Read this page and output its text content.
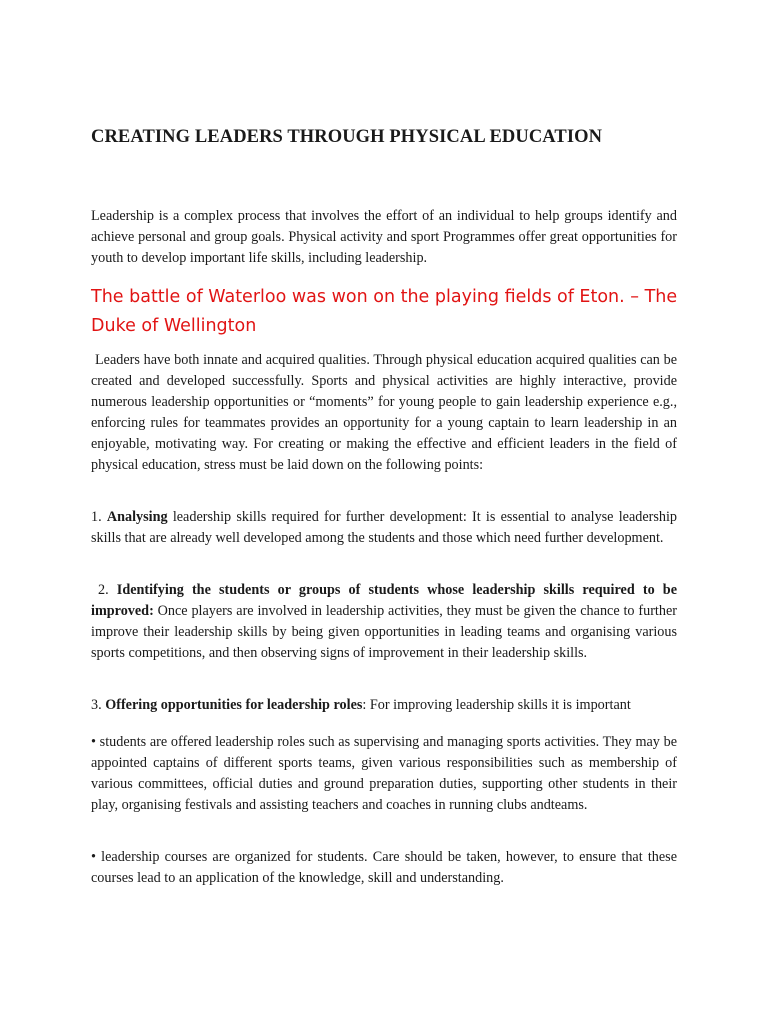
CREATING LEADERS THROUGH PHYSICAL EDUCATION

Leadership is a complex process that involves the effort of an individual to help groups identify and achieve personal and group goals. Physical activity and sport Programmes offer great opportunities for youth to develop important life skills, including leadership.

The battle of Waterloo was won on the playing fields of Eton. – The Duke of Wellington

Leaders have both innate and acquired qualities. Through physical education acquired qualities can be created and developed successfully. Sports and physical activities are highly interactive, provide numerous leadership opportunities or “moments” for young people to gain leadership experience e.g., enforcing rules for teammates provides an opportunity for a young captain to learn leadership in an enjoyable, motivating way. For creating or making the effective and efficient leaders in the field of physical education, stress must be laid down on the following points:

1. Analysing leadership skills required for further development: It is essential to analyse leadership skills that are already well developed among the students and those which need further development.

2. Identifying the students or groups of students whose leadership skills required to be improved: Once players are involved in leadership activities, they must be given the chance to further improve their leadership skills by being given opportunities in leading teams and organising various sports competitions, and then observing signs of improvement in their leadership skills.

3. Offering opportunities for leadership roles: For improving leadership skills it is important

• students are offered leadership roles such as supervising and managing sports activities. They may be appointed captains of different sports teams, given various responsibilities such as membership of various committees, official duties and ground preparation duties, supporting other students in their play, organising festivals and assisting teachers and coaches in running clubs andteams.

• leadership courses are organized for students. Care should be taken, however, to ensure that these courses lead to an application of the knowledge, skill and understanding.
